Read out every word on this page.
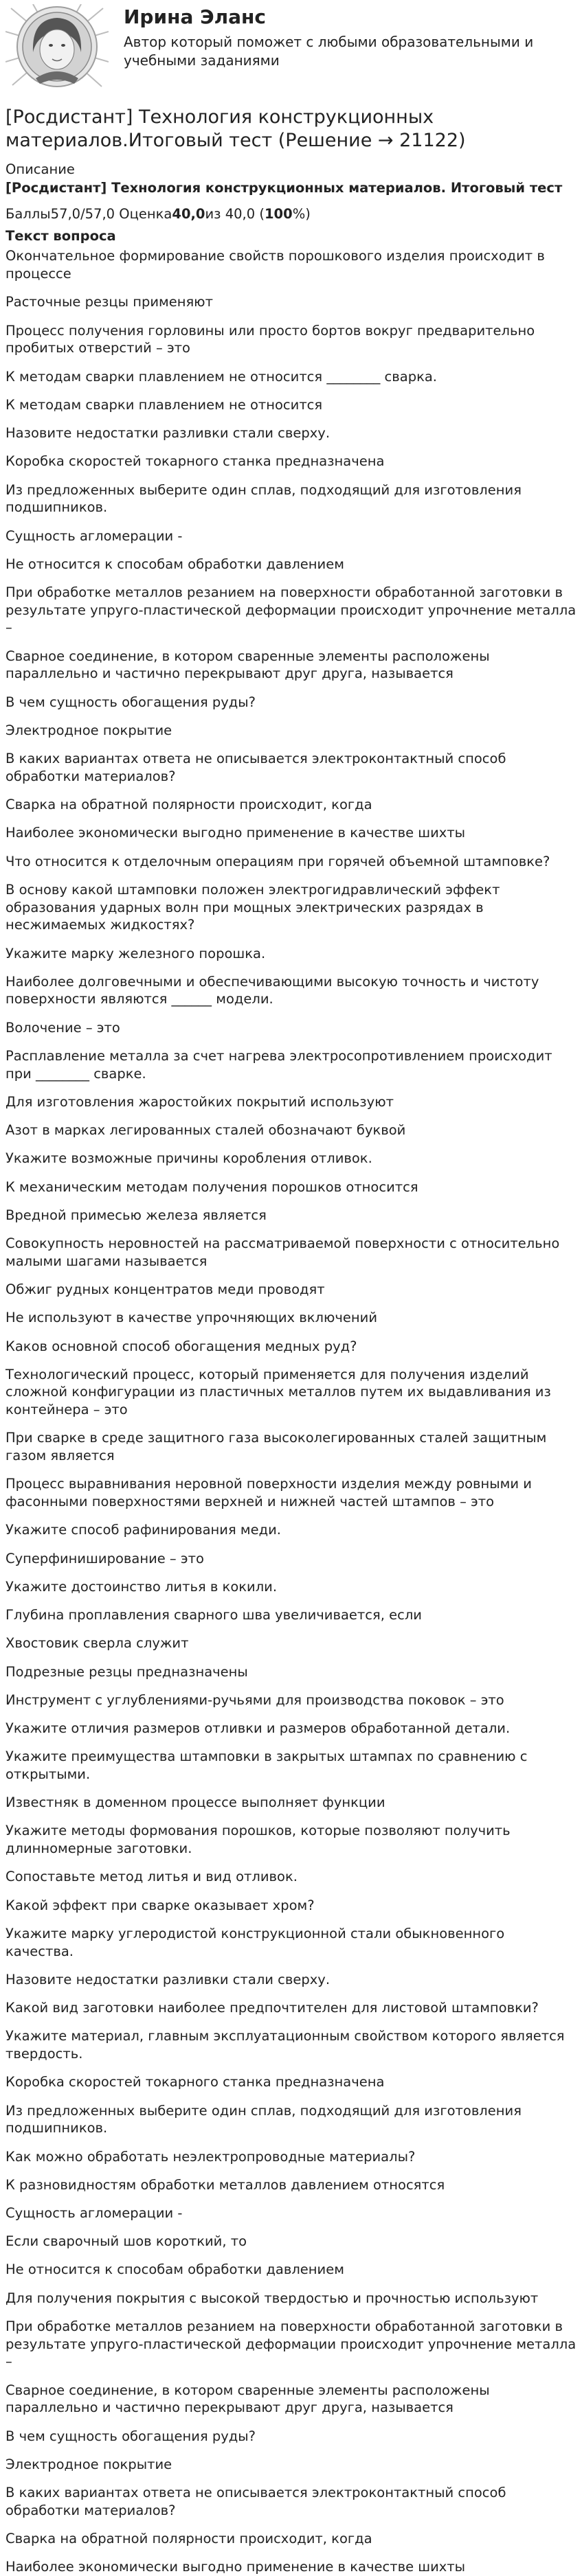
Ирина Эланс
Автор который поможет с любыми образовательными и учебными заданиями
[Росдистант] Технология конструкционных материалов.Итоговый тест (Решение → 21122)
Описание
[Росдистант] Технология конструкционных материалов. Итоговый тест
Баллы57,0/57,0 Оценка40,0из 40,0 (100%)
Текст вопроса
Окончательное формирование свойств порошкового изделия происходит в процессе
Расточные резцы применяют
Процесс получения горловины или просто бортов вокруг предварительно пробитых отверстий – это
К методам сварки плавлением не относится ________ сварка.
К методам сварки плавлением не относится
Назовите недостатки разливки стали сверху.
Коробка скоростей токарного станка предназначена
Из предложенных выберите один сплав, подходящий для изготовления подшипников.
Сущность агломерации -
Не относится к способам обработки давлением
При обработке металлов резанием на поверхности обработанной заготовки в результате упруго-пластической деформации происходит упрочнение металла –
Сварное соединение, в котором сваренные элементы расположены параллельно и частично перекрывают друг друга, называется
В чем сущность обогащения руды?
Электродное покрытие
В каких вариантах ответа не описывается электроконтактный способ обработки материалов?
Сварка на обратной полярности происходит, когда
Наиболее экономически выгодно применение в качестве шихты
Что относится к отделочным операциям при горячей объемной штамповке?
В основу какой штамповки положен электрогидравлический эффект образования ударных волн при мощных электрических разрядах в несжимаемых жидкостях?
Укажите марку железного порошка.
Наиболее долговечными и обеспечивающими высокую точность и чистоту поверхности являются ______ модели.
Волочение – это
Расплавление металла за счет нагрева электросопротивлением происходит при ________ сварке.
Для изготовления жаростойких покрытий используют
Азот в марках легированных сталей обозначают буквой
Укажите возможные причины коробления отливок.
К механическим методам получения порошков относится
Вредной примесью железа является
Совокупность неровностей на рассматриваемой поверхности с относительно малыми шагами называется
Обжиг рудных концентратов меди проводят
Не используют в качестве упрочняющих включений
Каков основной способ обогащения медных руд?
Технологический процесс, который применяется для получения изделий сложной конфигурации из пластичных металлов путем их выдавливания из контейнера – это
При сварке в среде защитного газа высоколегированных сталей защитным газом является
Процесс выравнивания неровной поверхности изделия между ровными и фасонными поверхностями верхней и нижней частей штампов – это
Укажите способ рафинирования меди.
Суперфиниширование – это
Укажите достоинство литья в кокили.
Глубина проплавления сварного шва увеличивается, если
Хвостовик сверла служит
Подрезные резцы предназначены
Инструмент с углублениями-ручьями для производства поковок – это
Укажите отличия размеров отливки и размеров обработанной детали.
Укажите преимущества штамповки в закрытых штампах по сравнению с открытыми.
Известняк в доменном процессе выполняет функции
Укажите методы формования порошков, которые позволяют получить длинномерные заготовки.
Сопоставьте метод литья и вид отливок.
Какой эффект при сварке оказывает хром?
Укажите марку углеродистой конструкционной стали обыкновенного качества.
Назовите недостатки разливки стали сверху.
Какой вид заготовки наиболее предпочтителен для листовой штамповки?
Укажите материал, главным эксплуатационным свойством которого является твердость.
Коробка скоростей токарного станка предназначена
Из предложенных выберите один сплав, подходящий для изготовления подшипников.
Как можно обработать неэлектропроводные материалы?
К разновидностям обработки металлов давлением относятся
Сущность агломерации -
Если сварочный шов короткий, то
Не относится к способам обработки давлением
Для получения покрытия с высокой твердостью и прочностью используют
При обработке металлов резанием на поверхности обработанной заготовки в результате упруго-пластической деформации происходит упрочнение металла –
Сварное соединение, в котором сваренные элементы расположены параллельно и частично перекрывают друг друга, называется
В чем сущность обогащения руды?
Электродное покрытие
В каких вариантах ответа не описывается электроконтактный способ обработки материалов?
Сварка на обратной полярности происходит, когда
Наиболее экономически выгодно применение в качестве шихты
